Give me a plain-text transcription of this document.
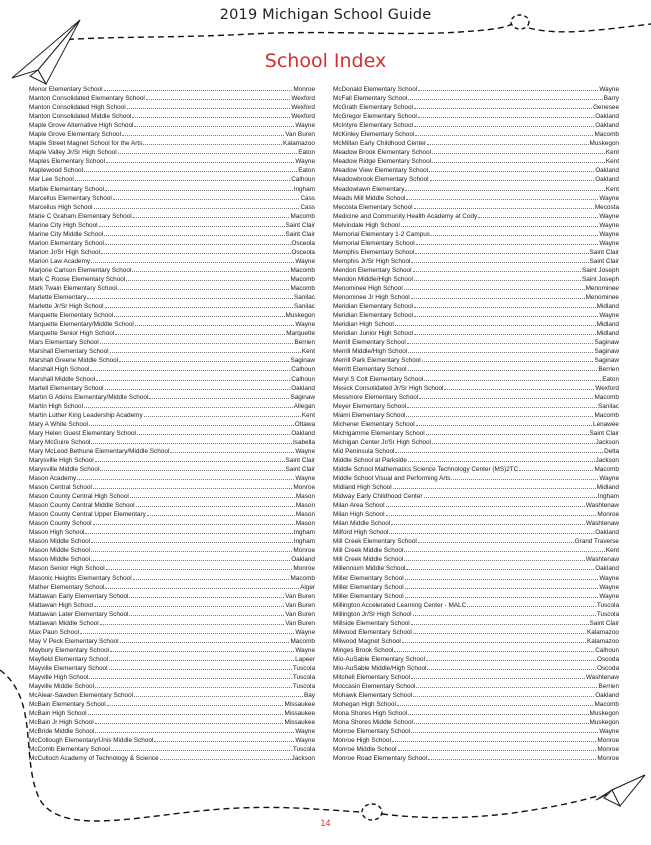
2019 Michigan School Guide
School Index
Menor Elementary School	Monroe
Manton Consolidated Elementary School	Wexford
Manton Consolidated High School	Wexford
Manton Consolidated Middle School	Wexford
Maple Grove Alternative High School	Wayne
Maple Grove Elementary School	Van Buren
Maple Street Magnet School for the Arts	Kalamazoo
Maple Valley Jr/Sr High School	Eaton
Maples Elementary School	Wayne
Maplewood School	Eaton
Mar Lee School	Calhoun
Marble Elementary School	Ingham
Marcellus Elementary School	Cass
Marcellus High School	Cass
Marie C Graham Elementary School	Macomb
Marine City High School	Saint Clair
Marine City Middle School	Saint Clair
Marion Elementary School	Osceola
Marion Jr/Sr High School	Osceola
Marion Law Academy	Wayne
Marjorie Carlson Elementary School	Macomb
Mark C Roose Elementary School	Macomb
Mark Twain Elementary School	Macomb
Marlette Elementary	Sanilac
Marlette Jr/Sr High School	Sanilac
Marquette Elementary School	Muskegon
Marquette Elementary/Middle School	Wayne
Marquette Senior High School	Marquette
Mars Elementary School	Berrien
Marshall Elementary School	Kent
Marshall Greene Middle School	Saginaw
Marshall High School	Calhoun
Marshall Middle School	Calhoun
Martell Elementary School	Oakland
Martin G Atkins Elementary/Middle School	Saginaw
Martin High School	Allegan
Martin Luther King Leadership Academy	Kent
Mary A White School	Ottawa
Mary Helen Guest Elementary School	Oakland
Mary McGuire School	Isabella
Mary McLeod Bethune Elementary/Middle School	Wayne
Marysville High School	Saint Clair
Marysville Middle School	Saint Clair
Mason Academy	Wayne
Mason Central School	Monroe
Mason County Central High School	Mason
Mason County Central Middle School	Mason
Mason County Central Upper Elementary	Mason
Mason County School	Mason
Mason High School	Ingham
Mason Middle School	Ingham
Mason Middle School	Monroe
Mason Middle School	Oakland
Mason Senior High School	Monroe
Masonic Heights Elementary School	Macomb
Mather Elementary School	Alger
Mattawan Early Elementary School	Van Buren
Mattawan High School	Van Buren
Mattawan Later Elementary School	Van Buren
Mattawan Middle School	Van Buren
Max Paun School	Wayne
May V Peck Elementary School	Macomb
Maybury Elementary School	Wayne
Mayfield Elementary School	Lapeer
Mayville Elementary School	Tuscola
Mayville High School	Tuscola
Mayville Middle School	Tuscola
McAlear-Sawden Elementary School	Bay
McBain Elementary School	Missaukee
McBain High School	Missaukee
McBain Jr High School	Missaukee
McBride Middle School	Wayne
McCollough Elementary/Unis Middle School	Wayne
McComb Elementary School	Tuscola
McCulloch Academy of Technology & Science	Jackson
McDonald Elementary School	Wayne
McFall Elementary School	Barry
McGrath Elementary School	Genesee
McGregor Elementary School	Oakland
McIntyre Elementary School	Oakland
McKinley Elementary School	Macomb
McMillan Early Childhood Center	Muskegon
Meadow Brook Elementary School	Kent
Meadow Ridge Elementary School	Kent
Meadow View Elementary School	Oakland
Meadowbrook Elementary School	Oakland
Meadowlawn Elementary	Kent
Meads Mill Middle School	Wayne
Mecosta Elementary School	Mecosta
Medicine and Community Health Academy at Cody	Wayne
Melvindale High School	Wayne
Memorial Elementary 1-2 Campus	Wayne
Memorial Elementary School	Wayne
Memphis Elementary School	Saint Clair
Memphis Jr/Sr High School	Saint Clair
Mendon Elementary School	Saint Joseph
Mendon Middle/High School	Saint Joseph
Menominee High School	Menominee
Menominee Jr High School	Menominee
Meridian Elementary School	Midland
Meridian Elementary School	Wayne
Meridian High School	Midland
Meridian Junior High School	Midland
Merrill Elementary School	Saginaw
Merrill Middle/High School	Saginaw
Merrill Park Elementary School	Saginaw
Merritt Elementary School	Berrien
Meryl S Colt Elementary School	Eaton
Mesick Consolidated Jr/Sr High School	Wexford
Messmore Elementary School	Macomb
Meyer Elementary School	Sanilac
Miami Elementary School	Macomb
Michener Elementary School	Lenawee
Michigamme Elementary School	Saint Clair
Michigan Center Jr/Sr High School	Jackson
Mid Peninsula School	Delta
Middle School at Parkside	Jackson
Middle School Mathematics Science Technology Center (MS)2TC	Macomb
Middle School Visual and Performing Arts	Wayne
Midland High School	Midland
Midway Early Childhood Center	Ingham
Milan Area School	Washtenaw
Milan High School	Monroe
Milan Middle School	Washtenaw
Milford High School	Oakland
Mill Creek Elementary School	Grand Traverse
Mill Creek Middle School	Kent
Mill Creek Middle School	Washtenaw
Millennium Middle School	Oakland
Miller Elementary School	Wayne
Miller Elementary School	Wayne
Miller Elementary School	Wayne
Millington Accelerated Learning Center - MALC	Tuscola
Millington Jr/Sr High School	Tuscola
Millside Elementary School	Saint Clair
Milwood Elementary School	Kalamazoo
Milwood Magnet School	Kalamazoo
Minges Brook School	Calhoun
Mio-AuSable Elementary School	Oscoda
Mio-AuSable Middle/High School	Oscoda
Mitchell Elementary School	Washtenaw
Moccasin Elementary School	Berrien
Mohawk Elementary School	Oakland
Mohegan High School	Macomb
Mona Shores High School	Muskegon
Mona Shores Middle School	Muskegon
Monroe Elementary School	Wayne
Monroe High School	Monroe
Monroe Middle School	Monroe
Monroe Road Elementary School	Monroe
14
